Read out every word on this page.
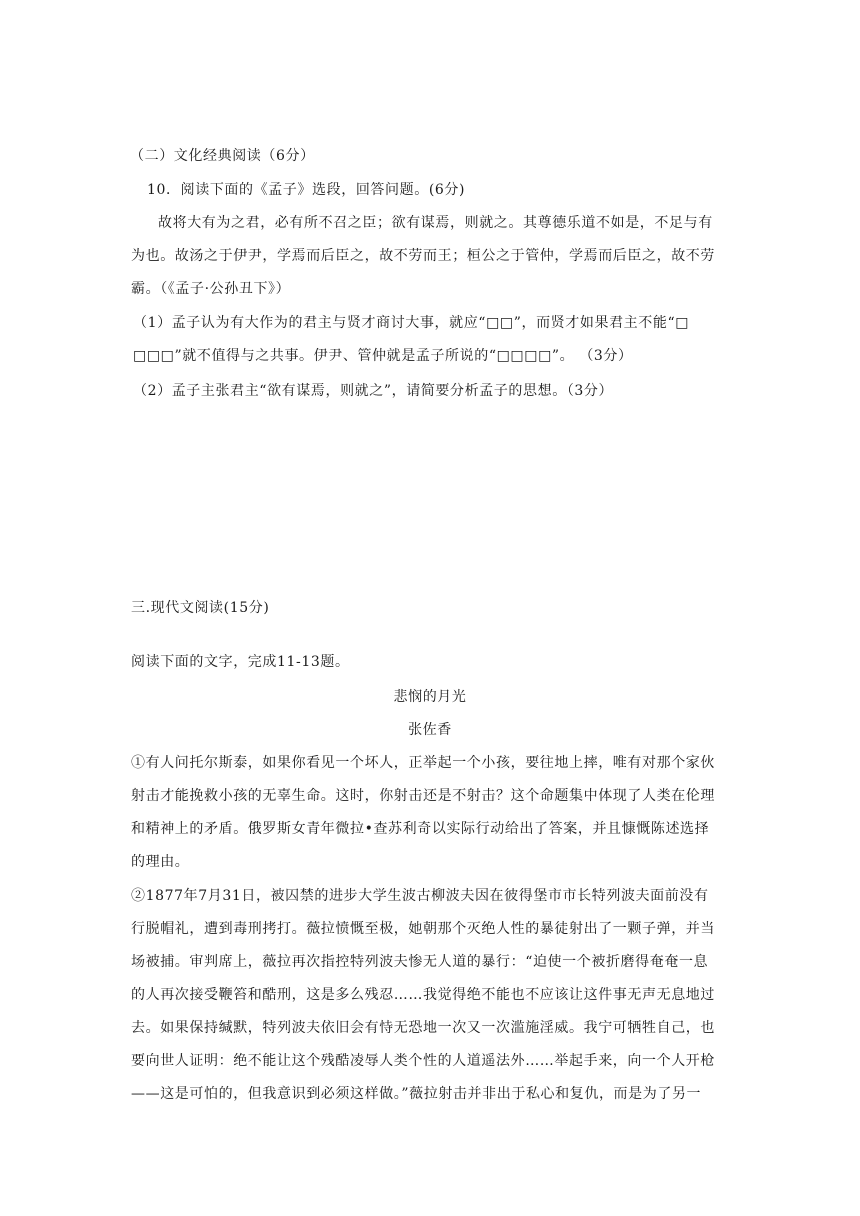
（二）文化经典阅读（6分）
10．阅读下面的《孟子》选段，回答问题。(6分)
故将大有为之君，必有所不召之臣；欲有谋焉，则就之。其尊德乐道不如是，不足与有
为也。故汤之于伊尹，学焉而后臣之，故不劳而王；桓公之于管仲，学焉而后臣之，故不劳
霸。（《孟子·公孙丑下》）
（1）孟子认为有大作为的君主与贤才商讨大事，就应“□□”，而贤才如果君主不能“□
□□□”就不值得与之共事。伊尹、管仲就是孟子所说的“□□□□”。 （3分）
（2）孟子主张君主“欲有谋焉，则就之”，请简要分析孟子的思想。（3分）
三.现代文阅读(15分)
阅读下面的文字，完成11-13题。
悲悯的月光
张佐香
①有人问托尔斯泰，如果你看见一个坏人，正举起一个小孩，要往地上摔，唯有对那个家伙
射击才能挽救小孩的无辜生命。这时，你射击还是不射击？这个命题集中体现了人类在伦理
和精神上的矛盾。俄罗斯女青年微拉•查苏利奇以实际行动给出了答案，并且慷慨陈述选择
的理由。
②1877年7月31日，被囚禁的进步大学生波古柳波夫因在彼得堡市市长特列波夫面前没有
行脱帽礼，遭到毒刑拷打。薇拉愤慨至极，她朝那个灭绝人性的暴徒射出了一颗子弹，并当
场被捕。审判席上，薇拉再次指控特列波夫惨无人道的暴行：“迫使一个被折磨得奄奄一息
的人再次接受鞭笞和酷刑，这是多么残忍……我觉得绝不能也不应该让这件事无声无息地过
去。如果保持缄默，特列波夫依旧会有恃无恐地一次又一次滥施淫威。我宁可牺牲自己，也
要向世人证明：绝不能让这个残酷凌辱人类个性的人道遥法外……举起手来，向一个人开枪
——这是可怕的，但我意识到必须这样做。”薇拉射击并非出于私心和复仇，而是为了另一
